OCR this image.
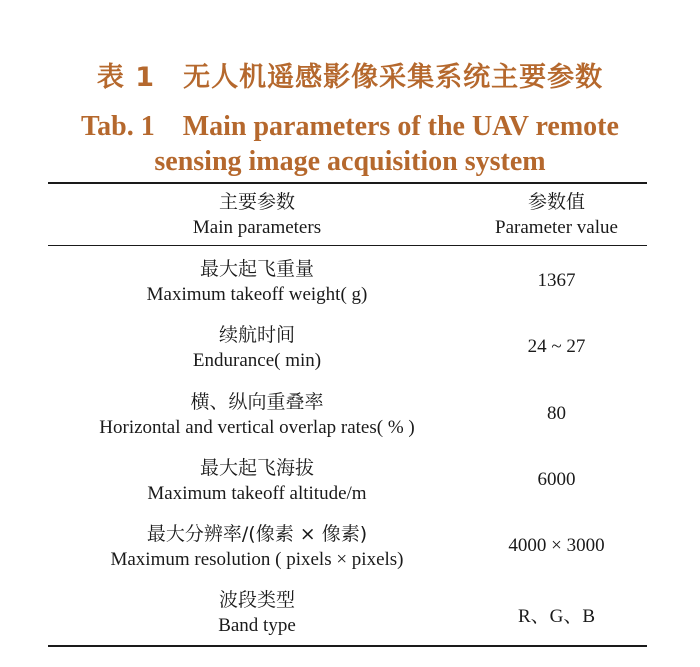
表 1　无人机遥感影像采集系统主要参数
Tab. 1　Main parameters of the UAV remote
sensing image acquisition system
主要参数
Main parameters
参数值
Parameter value
最大起飞重量
Maximum takeoff weight( g)
1367
续航时间
Endurance( min)
24 ~ 27
横、纵向重叠率
Horizontal and vertical overlap rates( % )
80
最大起飞海拔
Maximum takeoff altitude/m
6000
最大分辨率/(像素 × 像素)
Maximum resolution ( pixels × pixels)
4000 × 3000
波段类型
Band type	R、G、B
